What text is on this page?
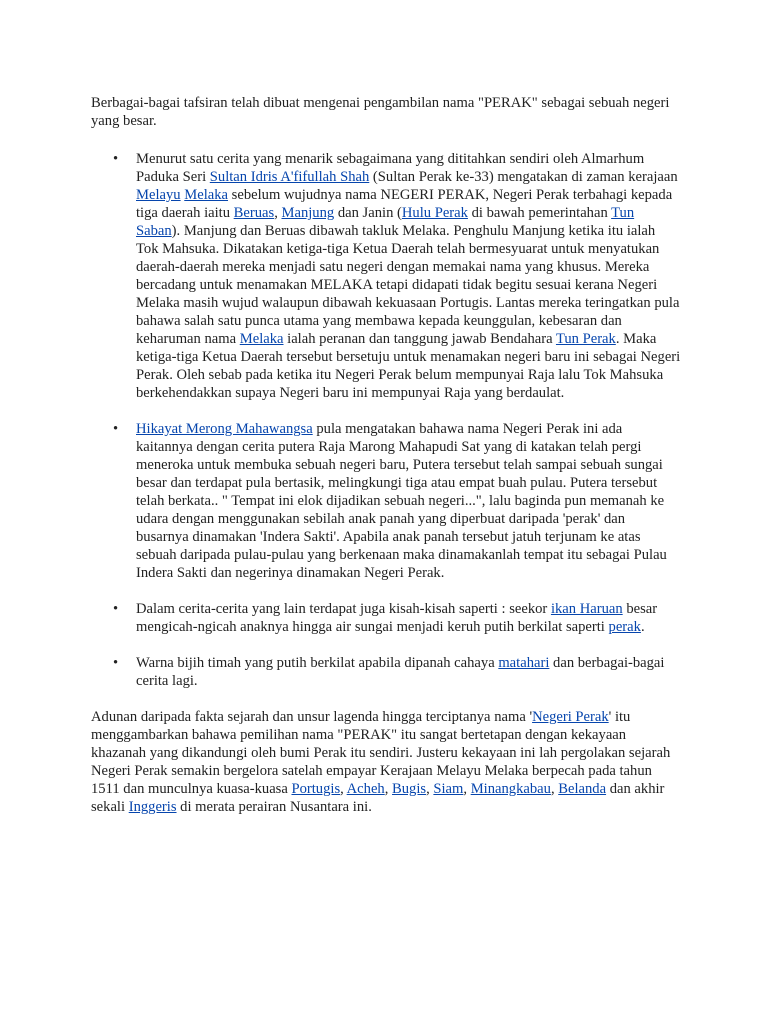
Berbagai-bagai tafsiran telah dibuat mengenai pengambilan nama "PERAK" sebagai sebuah negeri yang besar.

• Menurut satu cerita yang menarik sebagaimana yang dititahkan sendiri oleh Almarhum Paduka Seri Sultan Idris A'fifullah Shah (Sultan Perak ke-33) mengatakan di zaman kerajaan Melayu Melaka sebelum wujudnya nama NEGERI PERAK, Negeri Perak terbahagi kepada tiga daerah iaitu Beruas, Manjung dan Janin (Hulu Perak di bawah pemerintahan Tun Saban). Manjung dan Beruas dibawah takluk Melaka. Penghulu Manjung ketika itu ialah Tok Mahsuka. Dikatakan ketiga-tiga Ketua Daerah telah bermesyuarat untuk menyatukan daerah-daerah mereka menjadi satu negeri dengan memakai nama yang khusus. Mereka bercadang untuk menamakan MELAKA tetapi didapati tidak begitu sesuai kerana Negeri Melaka masih wujud walaupun dibawah kekuasaan Portugis. Lantas mereka teringatkan pula bahawa salah satu punca utama yang membawa kepada keunggulan, kebesaran dan keharuman nama Melaka ialah peranan dan tanggung jawab Bendahara Tun Perak. Maka ketiga-tiga Ketua Daerah tersebut bersetuju untuk menamakan negeri baru ini sebagai Negeri Perak. Oleh sebab pada ketika itu Negeri Perak belum mempunyai Raja lalu Tok Mahsuka berkehendakkan supaya Negeri baru ini mempunyai Raja yang berdaulat.
• Hikayat Merong Mahawangsa pula mengatakan bahawa nama Negeri Perak ini ada kaitannya dengan cerita putera Raja Marong Mahapudi Sat yang di katakan telah pergi meneroka untuk membuka sebuah negeri baru, Putera tersebut telah sampai sebuah sungai besar dan terdapat pula bertasik, melingkungi tiga atau empat buah pulau. Putera tersebut telah berkata.. " Tempat ini elok dijadikan sebuah negeri...", lalu baginda pun memanah ke udara dengan menggunakan sebilah anak panah yang diperbuat daripada 'perak' dan busarnya dinamakan 'Indera Sakti'. Apabila anak panah tersebut jatuh terjunam ke atas sebuah daripada pulau-pulau yang berkenaan maka dinamakanlah tempat itu sebagai Pulau Indera Sakti dan negerinya dinamakan Negeri Perak.
• Dalam cerita-cerita yang lain terdapat juga kisah-kisah saperti : seekor ikan Haruan besar mengicah-ngicah anaknya hingga air sungai menjadi keruh putih berkilat saperti perak.
• Warna bijih timah yang putih berkilat apabila dipanah cahaya matahari dan berbagai-bagai cerita lagi.

Adunan daripada fakta sejarah dan unsur lagenda hingga terciptanya nama 'Negeri Perak' itu menggambarkan bahawa pemilihan nama "PERAK" itu sangat bertetapan dengan kekayaan khazanah yang dikandungi oleh bumi Perak itu sendiri. Justeru kekayaan ini lah pergolakan sejarah Negeri Perak semakin bergelora satelah empayar Kerajaan Melayu Melaka berpecah pada tahun 1511 dan munculnya kuasa-kuasa Portugis, Acheh, Bugis, Siam, Minangkabau, Belanda dan akhir sekali Inggeris di merata perairan Nusantara ini.
